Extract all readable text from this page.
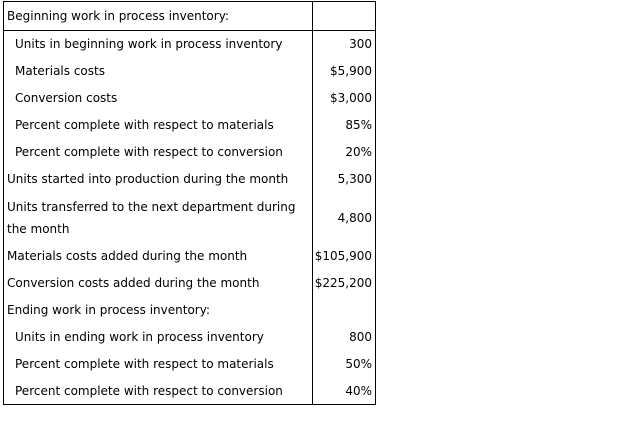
Beginning work in process inventory:	
Units in beginning work in process inventory	300
Materials costs	$5,900
Conversion costs	$3,000
Percent complete with respect to materials	85%
Percent complete with respect to conversion	20%
Units started into production during the month	5,300
Units transferred to the next department during the month	4,800
Materials costs added during the month	$105,900
Conversion costs added during the month	$225,200
Ending work in process inventory:	
Units in ending work in process inventory	800
Percent complete with respect to materials	50%
Percent complete with respect to conversion	40%
